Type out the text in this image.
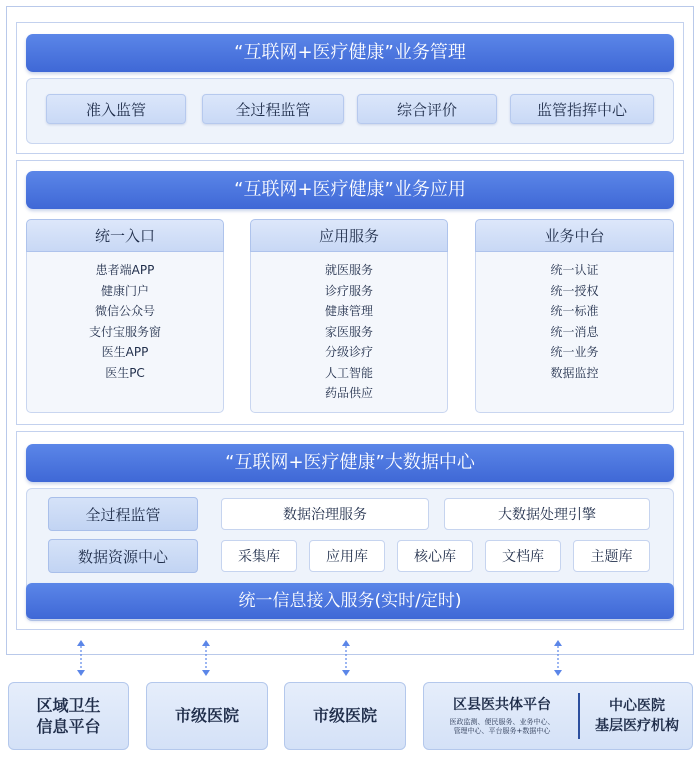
“互联网+医疗健康”业务管理
准入监管	全过程监管	综合评价	监管指挥中心
“互联网+医疗健康”业务应用
统一入口
患者端APP
健康门户
微信公众号
支付宝服务窗
医生APP
医生PC
应用服务
就医服务
诊疗服务
健康管理
家医服务
分级诊疗
人工智能
药品供应
业务中台
统一认证
统一授权
统一标准
统一消息
统一业务
数据监控
“互联网+医疗健康”大数据中心
全过程监管	数据治理服务	大数据处理引擎
数据资源中心	采集库	应用库	核心库	文档库	主题库
统一信息接入服务(实时/定时)
区域卫生
信息平台
市级医院	市级医院
区县医共体平台
医政监测、便民服务、业务中心、
管理中心、平台服务+数据中心
中心医院
基层医疗机构
